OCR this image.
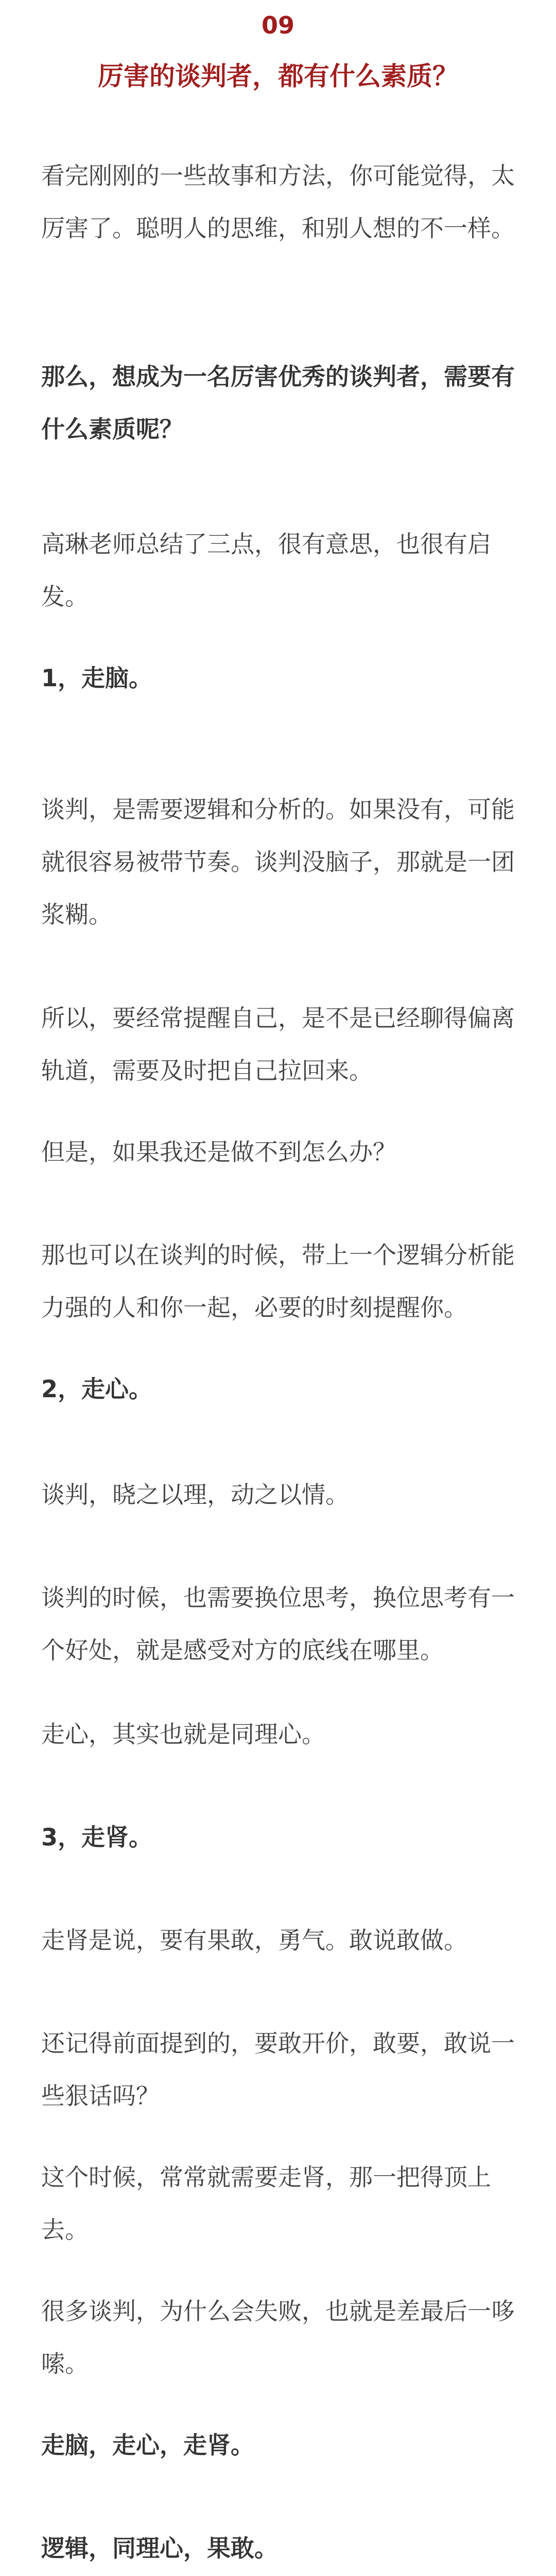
09
厉害的谈判者，都有什么素质？

看完刚刚的一些故事和方法，你可能觉得，太厉害了。聪明人的思维，和别人想的不一样。

那么，想成为一名厉害优秀的谈判者，需要有什么素质呢？

高琳老师总结了三点，很有意思，也很有启发。

1，走脑。

谈判，是需要逻辑和分析的。如果没有，可能就很容易被带节奏。谈判没脑子，那就是一团浆糊。

所以，要经常提醒自己，是不是已经聊得偏离轨道，需要及时把自己拉回来。

但是，如果我还是做不到怎么办？

那也可以在谈判的时候，带上一个逻辑分析能力强的人和你一起，必要的时刻提醒你。

2，走心。

谈判，晓之以理，动之以情。

谈判的时候，也需要换位思考，换位思考有一个好处，就是感受对方的底线在哪里。

走心，其实也就是同理心。

3，走肾。

走肾是说，要有果敢，勇气。敢说敢做。

还记得前面提到的，要敢开价，敢要，敢说一些狠话吗？

这个时候，常常就需要走肾，那一把得顶上去。

很多谈判，为什么会失败，也就是差最后一哆嗦。

走脑，走心，走肾。

逻辑，同理心，果敢。
